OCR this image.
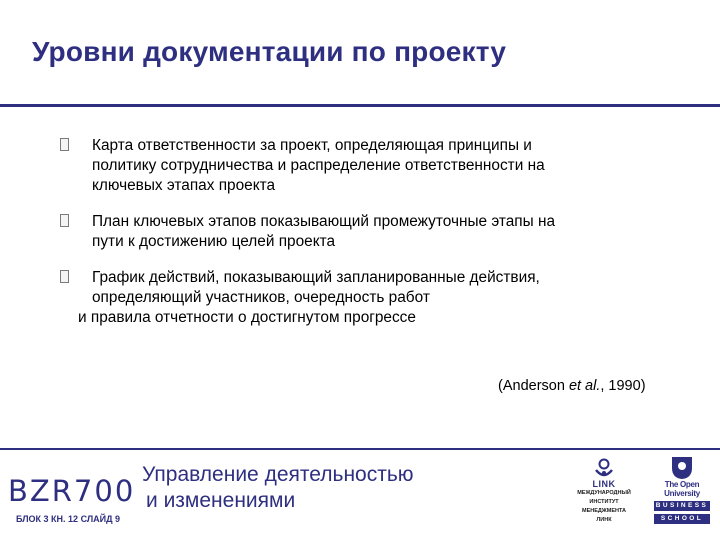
Уровни документации по проекту
Карта ответственности за проект, определяющая принципы и
политику сотрудничества и распределение ответственности на
ключевых этапах проекта
План ключевых этапов показывающий промежуточные этапы на
пути к достижению целей проекта
График действий, показывающий запланированные действия,
определяющий участников, очередность работ
и правила отчетности о достигнутом прогрессе
(Anderson et al., 1990)
BZR700
БЛОК 3 КН. 12 СЛАЙД 9
Управление деятельностью
и изменениями
LINK
МЕЖДУНАРОДНЫЙ
ИНСТИТУТ
МЕНЕДЖМЕНТА
ЛИНК
The Open
University
BUSINESS
SCHOOL
